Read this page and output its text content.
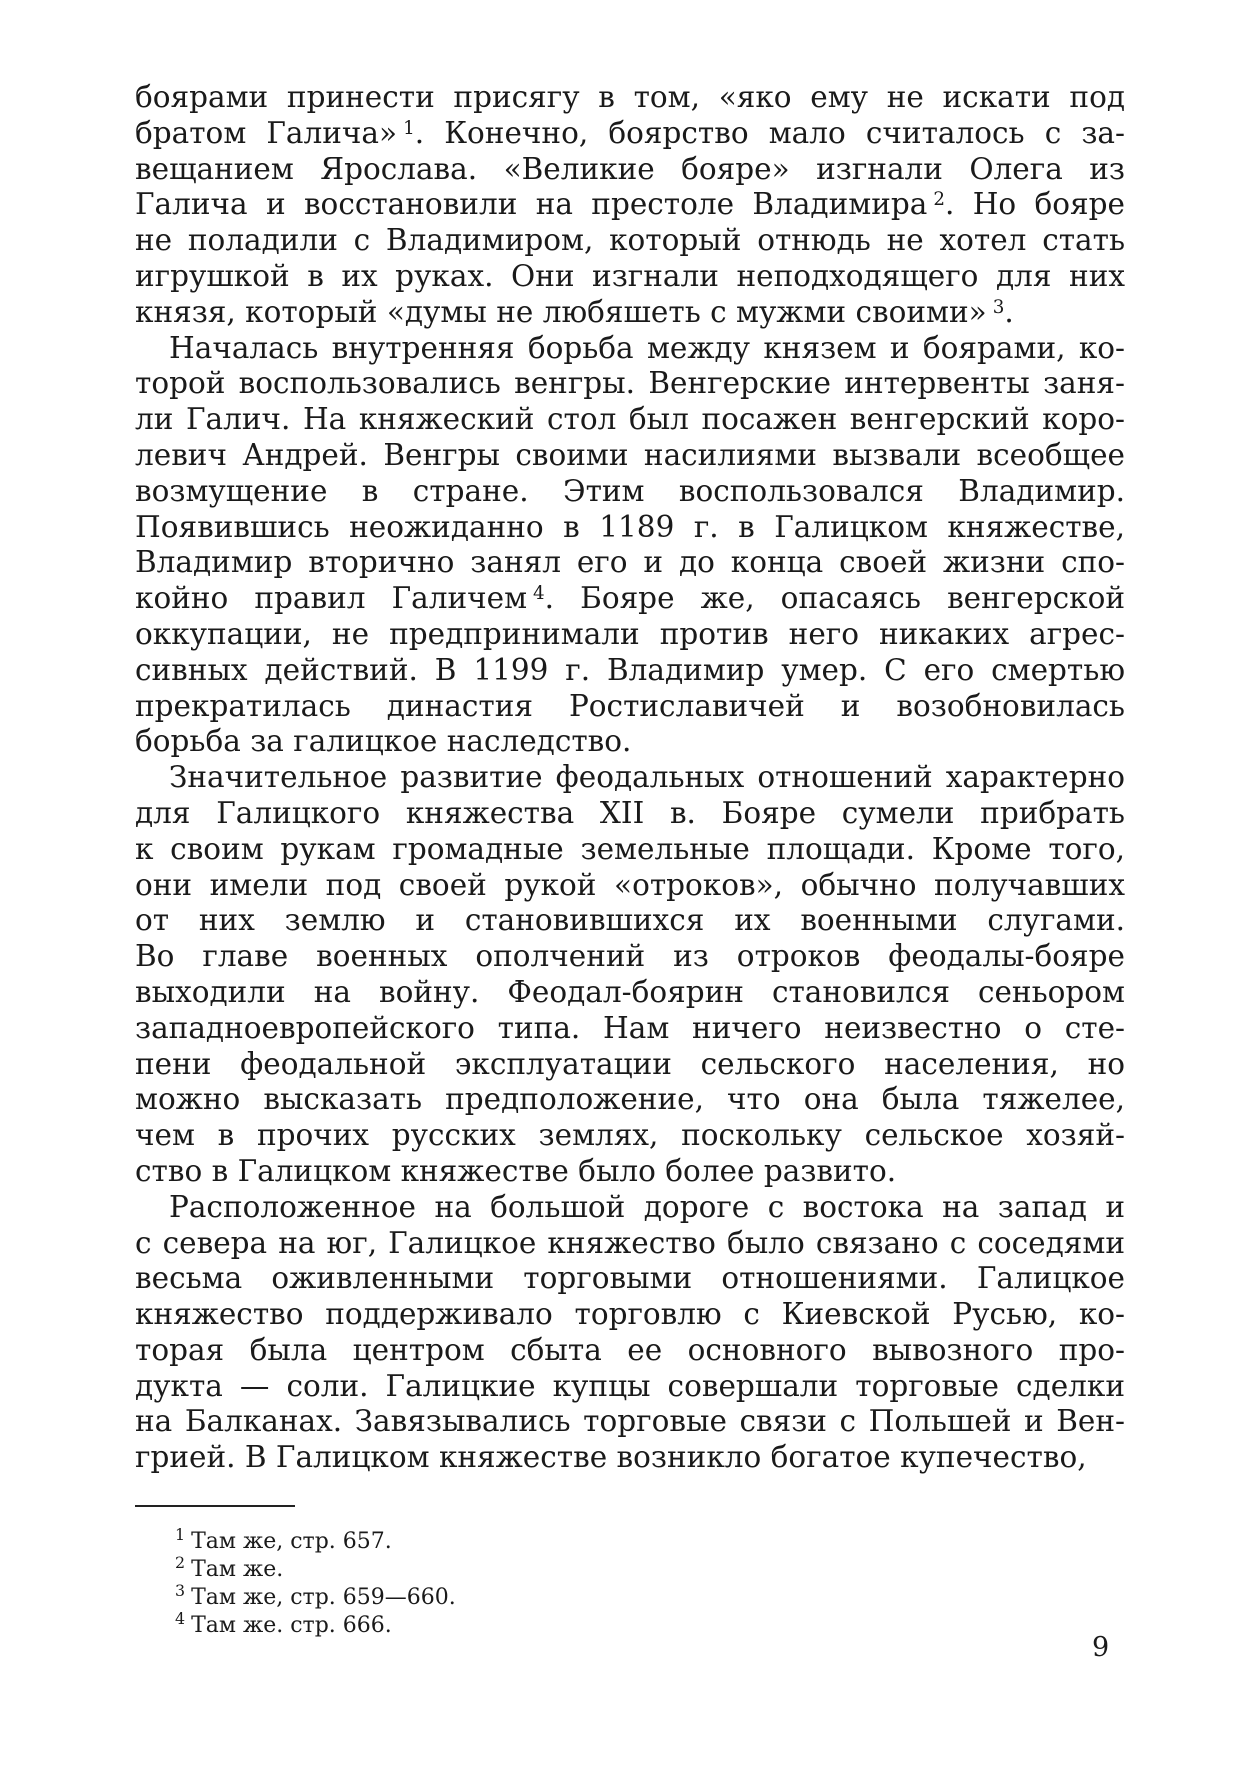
боярами принести присягу в том, «яко ему не искати под
братом Галича» $^1$. Конечно, боярство мало считалось с за-
вещанием Ярослава. «Великие бояре» изгнали Олега из
Галича и восстановили на престоле Владимира $^2$. Но бояре
не поладили с Владимиром, который отнюдь не хотел стать
игрушкой в их руках. Они изгнали неподходящего для них
князя, который «думы не любяшеть с мужми своими» $^3$.
Началась внутренняя борьба между князем и боярами, ко-
торой воспользовались венгры. Венгерские интервенты заня-
ли Галич. На княжеский стол был посажен венгерский коро-
левич Андрей. Венгры своими насилиями вызвали всеобщее
возмущение в стране. Этим воспользовался Владимир.
Появившись неожиданно в 1189 г. в Галицком княжестве,
Владимир вторично занял его и до конца своей жизни спо-
койно правил Галичем $^4$. Бояре же, опасаясь венгерской
оккупации, не предпринимали против него никаких агрес-
сивных действий. В 1199 г. Владимир умер. С его смертью
прекратилась династия Ростиславичей и возобновилась
борьба за галицкое наследство.
Значительное развитие феодальных отношений характерно
для Галицкого княжества XII в. Бояре сумели прибрать
к своим рукам громадные земельные площади. Кроме того,
они имели под своей рукой «отроков», обычно получавших
от них землю и становившихся их военными слугами.
Во главе военных ополчений из отроков феодалы-бояре
выходили на войну. Феодал-боярин становился сеньором
западноевропейского типа. Нам ничего неизвестно о сте-
пени феодальной эксплуатации сельского населения, но
можно высказать предположение, что она была тяжелее,
чем в прочих русских землях, поскольку сельское хозяй-
ство в Галицком княжестве было более развито.
Расположенное на большой дороге с востока на запад и
с севера на юг, Галицкое княжество было связано с соседями
весьма оживленными торговыми отношениями. Галицкое
княжество поддерживало торговлю с Киевской Русью, ко-
торая была центром сбыта ее основного вывозного про-
дукта — соли. Галицкие купцы совершали торговые сделки
на Балканах. Завязывались торговые связи с Польшей и Вен-
грией. В Галицком княжестве возникло богатое купечество,
$^1$ Там же, стр. 657.
$^2$ Там же.
$^3$ Там же, стр. 659—660.
$^4$ Там же. стр. 666.
9
